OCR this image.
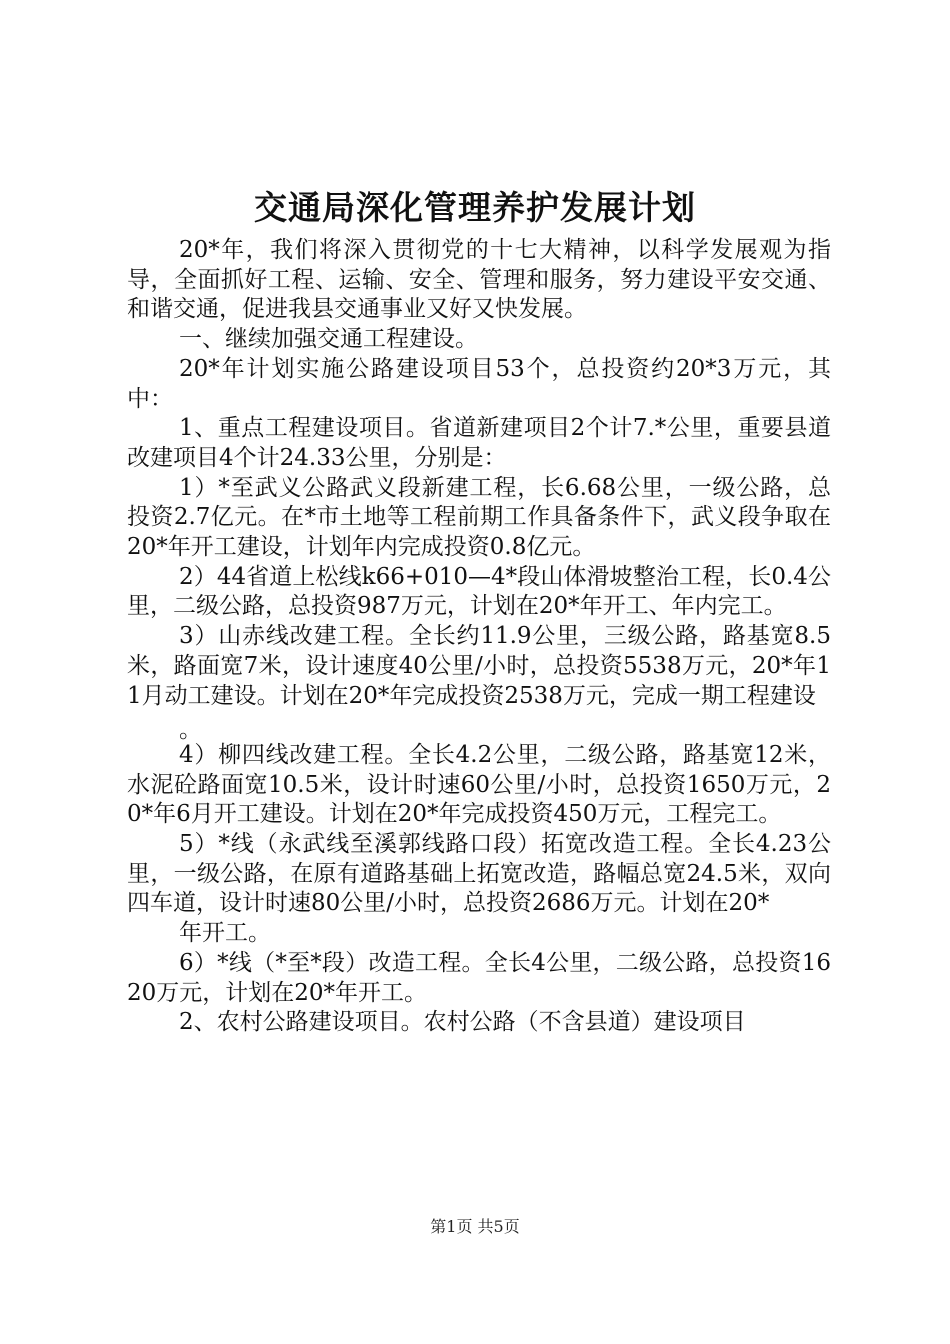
交通局深化管理养护发展计划

20*年，我们将深入贯彻党的十七大精神，以科学发展观为指导，全面抓好工程、运输、安全、管理和服务，努力建设平安交通、和谐交通，促进我县交通事业又好又快发展。

一、继续加强交通工程建设。

20*年计划实施公路建设项目53个，总投资约20*3万元，其中：

1、重点工程建设项目。省道新建项目2个计7.*公里，重要县道改建项目4个计24.33公里，分别是：

1）*至武义公路武义段新建工程，长6.68公里，一级公路，总投资2.7亿元。在*市土地等工程前期工作具备条件下，武义段争取在20*年开工建设，计划年内完成投资0.8亿元。

2）44省道上松线k66+010—4*段山体滑坡整治工程，长0.4公里，二级公路，总投资987万元，计划在20*年开工、年内完工。

3）山赤线改建工程。全长约11.9公里，三级公路，路基宽8.5米，路面宽7米，设计速度40公里/小时，总投资5538万元，20*年11月动工建设。计划在20*年完成投资2538万元，完成一期工程建设

。

4）柳四线改建工程。全长4.2公里，二级公路，路基宽12米，水泥砼路面宽10.5米，设计时速60公里/小时，总投资1650万元，20*年6月开工建设。计划在20*年完成投资450万元，工程完工。

5）*线（永武线至溪郭线路口段）拓宽改造工程。全长4.23公里，一级公路，在原有道路基础上拓宽改造，路幅总宽24.5米，双向四车道，设计时速80公里/小时，总投资2686万元。计划在20*

年开工。

6）*线（*至*段）改造工程。全长4公里，二级公路，总投资1620万元，计划在20*年开工。

2、农村公路建设项目。农村公路（不含县道）建设项目

第1页 共5页
